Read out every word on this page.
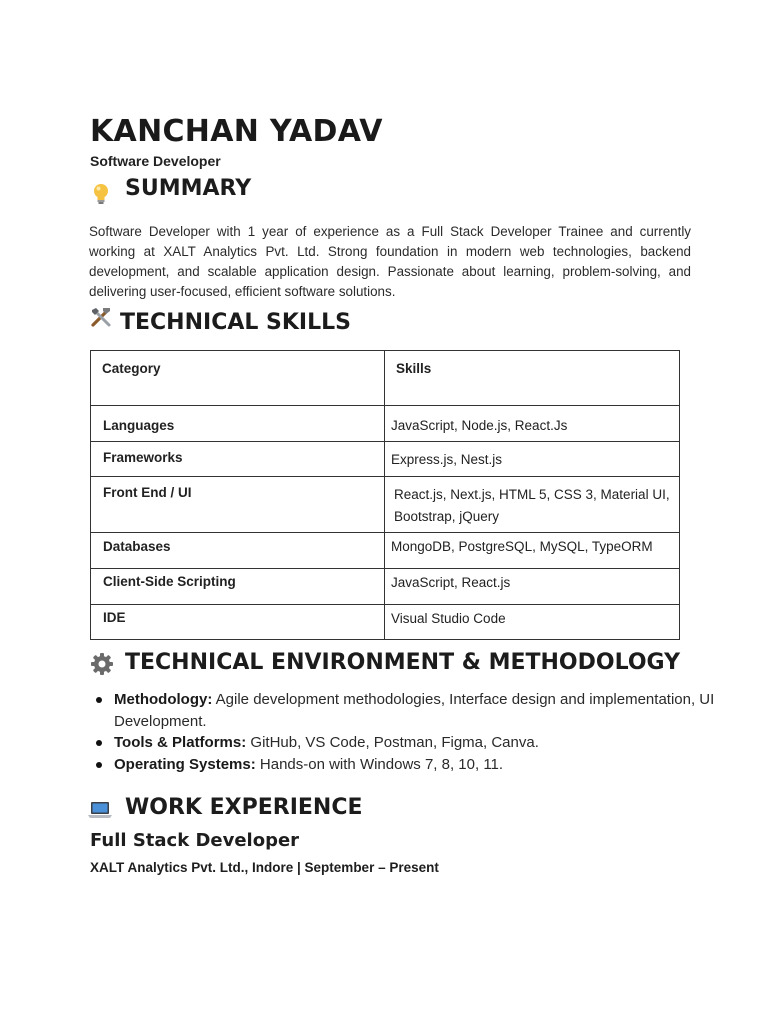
KANCHAN YADAV
Software Developer
SUMMARY

Software Developer with 1 year of experience as a Full Stack Developer Trainee and currently working at XALT Analytics Pvt. Ltd. Strong foundation in modern web technologies, backend development, and scalable application design. Passionate about learning, problem-solving, and delivering user-focused, efficient software solutions.

TECHNICAL SKILLS
Category	Skills
Languages	JavaScript, Node.js, React.Js
Frameworks	Express.js, Nest.js
Front End / UI	React.js, Next.js, HTML 5, CSS 3, Material UI, Bootstrap, jQuery
Databases	MongoDB, PostgreSQL, MySQL, TypeORM
Client-Side Scripting	JavaScript, React.js
IDE	Visual Studio Code
TECHNICAL ENVIRONMENT & METHODOLOGY
Methodology: Agile development methodologies, Interface design and implementation, UI Development.
Tools & Platforms: GitHub, VS Code, Postman, Figma, Canva.
Operating Systems: Hands-on with Windows 7, 8, 10, 11.
WORK EXPERIENCE
Full Stack Developer
XALT Analytics Pvt. Ltd., Indore | September – Present
